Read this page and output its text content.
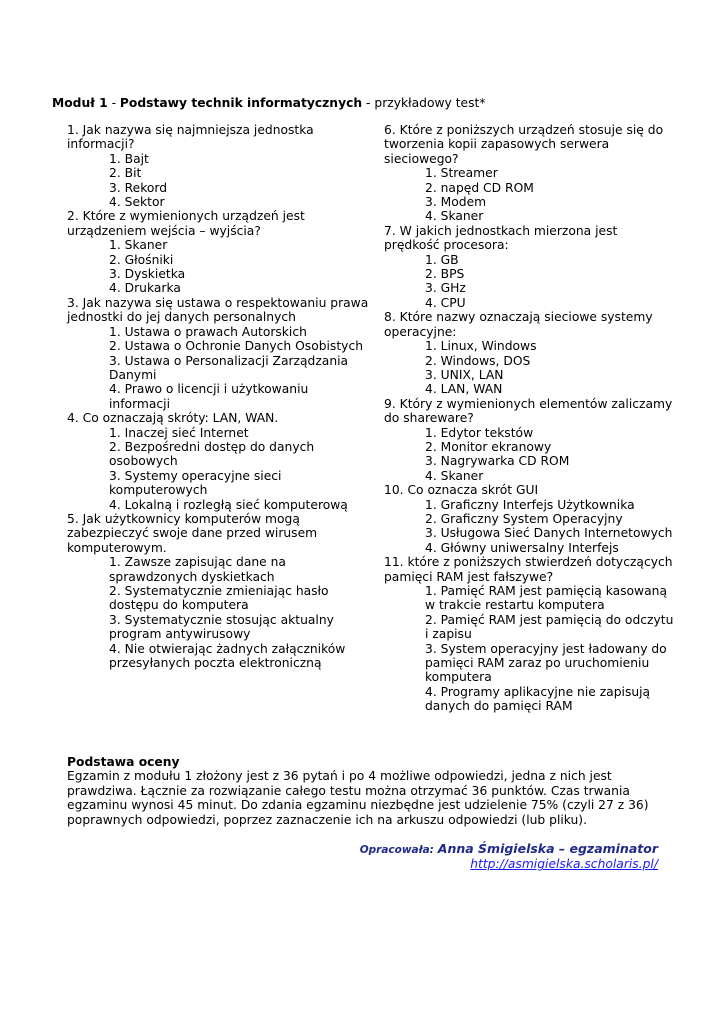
Moduł 1 - Podstawy technik informatycznych - przykładowy test*

1. Jak nazywa się najmniejsza jednostka informacji?

1. Bajt
2. Bit
3. Rekord
4. Sektor

2. Które z wymienionych urządzeń jest urządzeniem wejścia – wyjścia?

1. Skaner
2. Głośniki
3. Dyskietka
4. Drukarka

3. Jak nazywa się ustawa o respektowaniu prawa jednostki do jej danych personalnych

1. Ustawa o prawach Autorskich
2. Ustawa o Ochronie Danych Osobistych
3. Ustawa o Personalizacji Zarządzania Danymi
4. Prawo o licencji i użytkowaniu informacji

4. Co oznaczają skróty: LAN, WAN.

1. Inaczej sieć Internet
2. Bezpośredni dostęp do danych osobowych
3. Systemy operacyjne sieci komputerowych
4. Lokalną i rozległą sieć komputerową

5. Jak użytkownicy komputerów mogą zabezpieczyć swoje dane przed wirusem komputerowym.

1. Zawsze zapisując dane na sprawdzonych dyskietkach
2. Systematycznie zmieniając hasło dostępu do komputera
3. Systematycznie stosując aktualny program antywirusowy
4. Nie otwierając żadnych załączników przesyłanych poczta elektroniczną

6. Które z poniższych urządzeń stosuje się do tworzenia kopii zapasowych serwera sieciowego?

1. Streamer
2. napęd CD ROM
3. Modem
4. Skaner

7. W jakich jednostkach mierzona jest prędkość procesora:

1. GB
2. BPS
3. GHz
4. CPU

8. Które nazwy oznaczają sieciowe systemy operacyjne:

1. Linux, Windows
2. Windows, DOS
3. UNIX, LAN
4. LAN, WAN

9. Który z wymienionych elementów zaliczamy do shareware?

1. Edytor tekstów
2. Monitor ekranowy
3. Nagrywarka CD ROM
4. Skaner

10. Co oznacza skrót GUI

1. Graficzny Interfejs Użytkownika
2. Graficzny System Operacyjny
3. Usługowa Sieć Danych Internetowych
4. Główny uniwersalny Interfejs

11. które z poniższych stwierdzeń dotyczących pamięci RAM jest fałszywe?

1. Pamięć RAM jest pamięcią kasowaną w trakcie restartu komputera
2. Pamięć RAM jest pamięcią do odczytu i zapisu
3. System operacyjny jest ładowany do pamięci RAM zaraz po uruchomieniu komputera
4. Programy aplikacyjne nie zapisują danych do pamięci RAM

Podstawa oceny

Egzamin z modułu 1 złożony jest z 36 pytań i po 4 możliwe odpowiedzi, jedna z nich jest prawdziwa. Łącznie za rozwiązanie całego testu można otrzymać 36 punktów. Czas trwania egzaminu wynosi 45 minut. Do zdania egzaminu niezbędne jest udzielenie 75% (czyli 27 z 36) poprawnych odpowiedzi, poprzez zaznaczenie ich na arkuszu odpowiedzi (lub pliku).

Opracowała: Anna Śmigielska – egzaminator
http://asmigielska.scholaris.pl/
